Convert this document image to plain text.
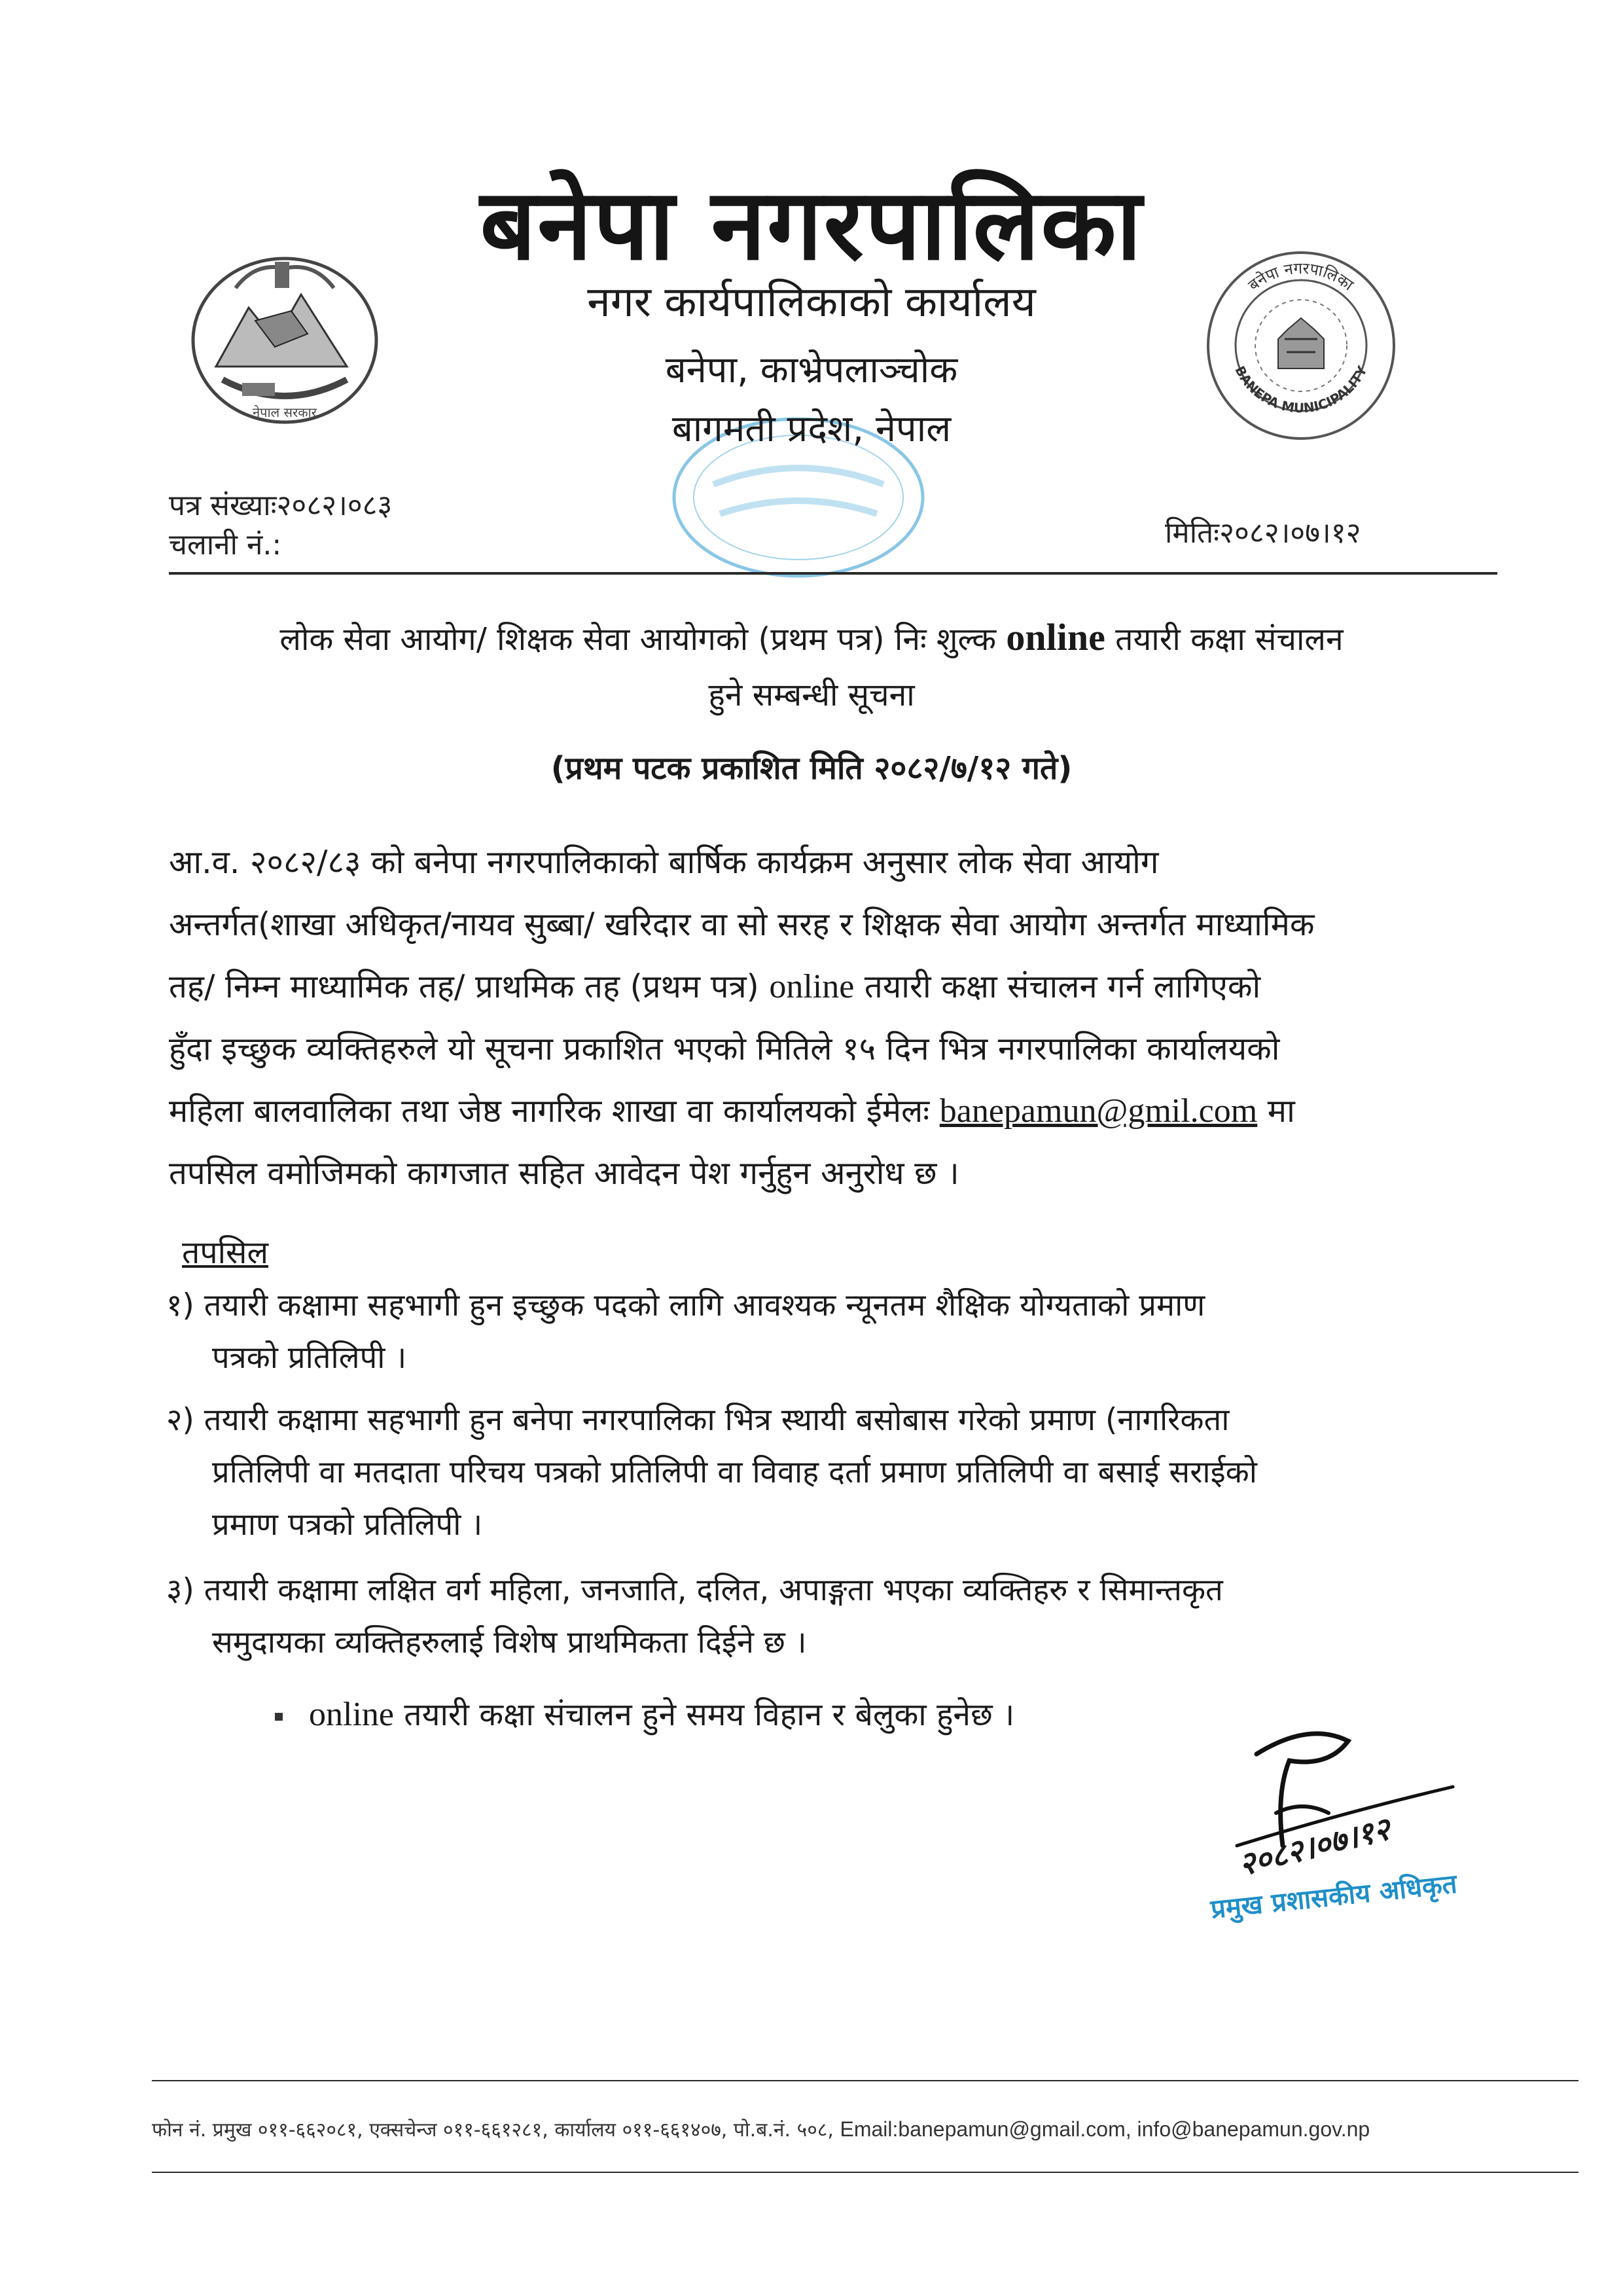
नेपाल सरकार
बनेपा नगरपालिका
BANEPA MUNICIPALITY
बनेपा नगरपालिका
नगर कार्यपालिकाको कार्यालय
बनेपा, काभ्रेपलाञ्चोक
बागमती प्रदेश, नेपाल
पत्र संख्याः२०८२।०८३
चलानी नं.:	मितिः२०८२।०७।१२
लोक सेवा आयोग/ शिक्षक सेवा आयोगको (प्रथम पत्र) निः शुल्क online तयारी कक्षा संचालन
हुने सम्बन्धी सूचना
(प्रथम पटक प्रकाशित मिति २०८२/७/१२ गते)

आ.व. २०८२/८३ को बनेपा नगरपालिकाको बार्षिक कार्यक्रम अनुसार लोक सेवा आयोग

अन्तर्गत(शाखा अधिकृत/नायव सुब्बा/ खरिदार वा सो सरह र शिक्षक सेवा आयोग अन्तर्गत माध्यामिक

तह/ निम्न माध्यामिक तह/ प्राथमिक तह (प्रथम पत्र) online तयारी कक्षा संचालन गर्न लागिएको

हुँदा इच्छुक व्यक्तिहरुले यो सूचना प्रकाशित भएको मितिले १५ दिन भित्र नगरपालिका कार्यालयको

महिला बालवालिका तथा जेष्ठ नागरिक शाखा वा कार्यालयको ईमेलः banepamun@gmil.com मा

तपसिल वमोजिमको कागजात सहित आवेदन पेश गर्नुहुन अनुरोध छ ।

तपसिल
१) तयारी कक्षामा सहभागी हुन इच्छुक पदको लागि आवश्यक न्यूनतम शैक्षिक योग्यताको प्रमाण
पत्रको प्रतिलिपी ।
२) तयारी कक्षामा सहभागी हुन बनेपा नगरपालिका भित्र स्थायी बसोबास गरेको प्रमाण (नागरिकता
प्रतिलिपी वा मतदाता परिचय पत्रको प्रतिलिपी वा विवाह दर्ता प्रमाण प्रतिलिपी वा बसाई सराईको
प्रमाण पत्रको प्रतिलिपी ।
३) तयारी कक्षामा लक्षित वर्ग महिला, जनजाति, दलित, अपाङ्गता भएका व्यक्तिहरु र सिमान्तकृत
समुदायका व्यक्तिहरुलाई विशेष प्राथमिकता दिईने छ ।
online तयारी कक्षा संचालन हुने समय विहान र बेलुका हुनेछ ।
२०८२।०७।१२
प्रमुख प्रशासकीय अधिकृत
फोन नं. प्रमुख ०११-६६२०८१, एक्सचेन्ज ०११-६६१२८१, कार्यालय ०११-६६१४०७, पो.ब.नं. ५०८, Email:banepamun@gmail.com, info@banepamun.gov.np
